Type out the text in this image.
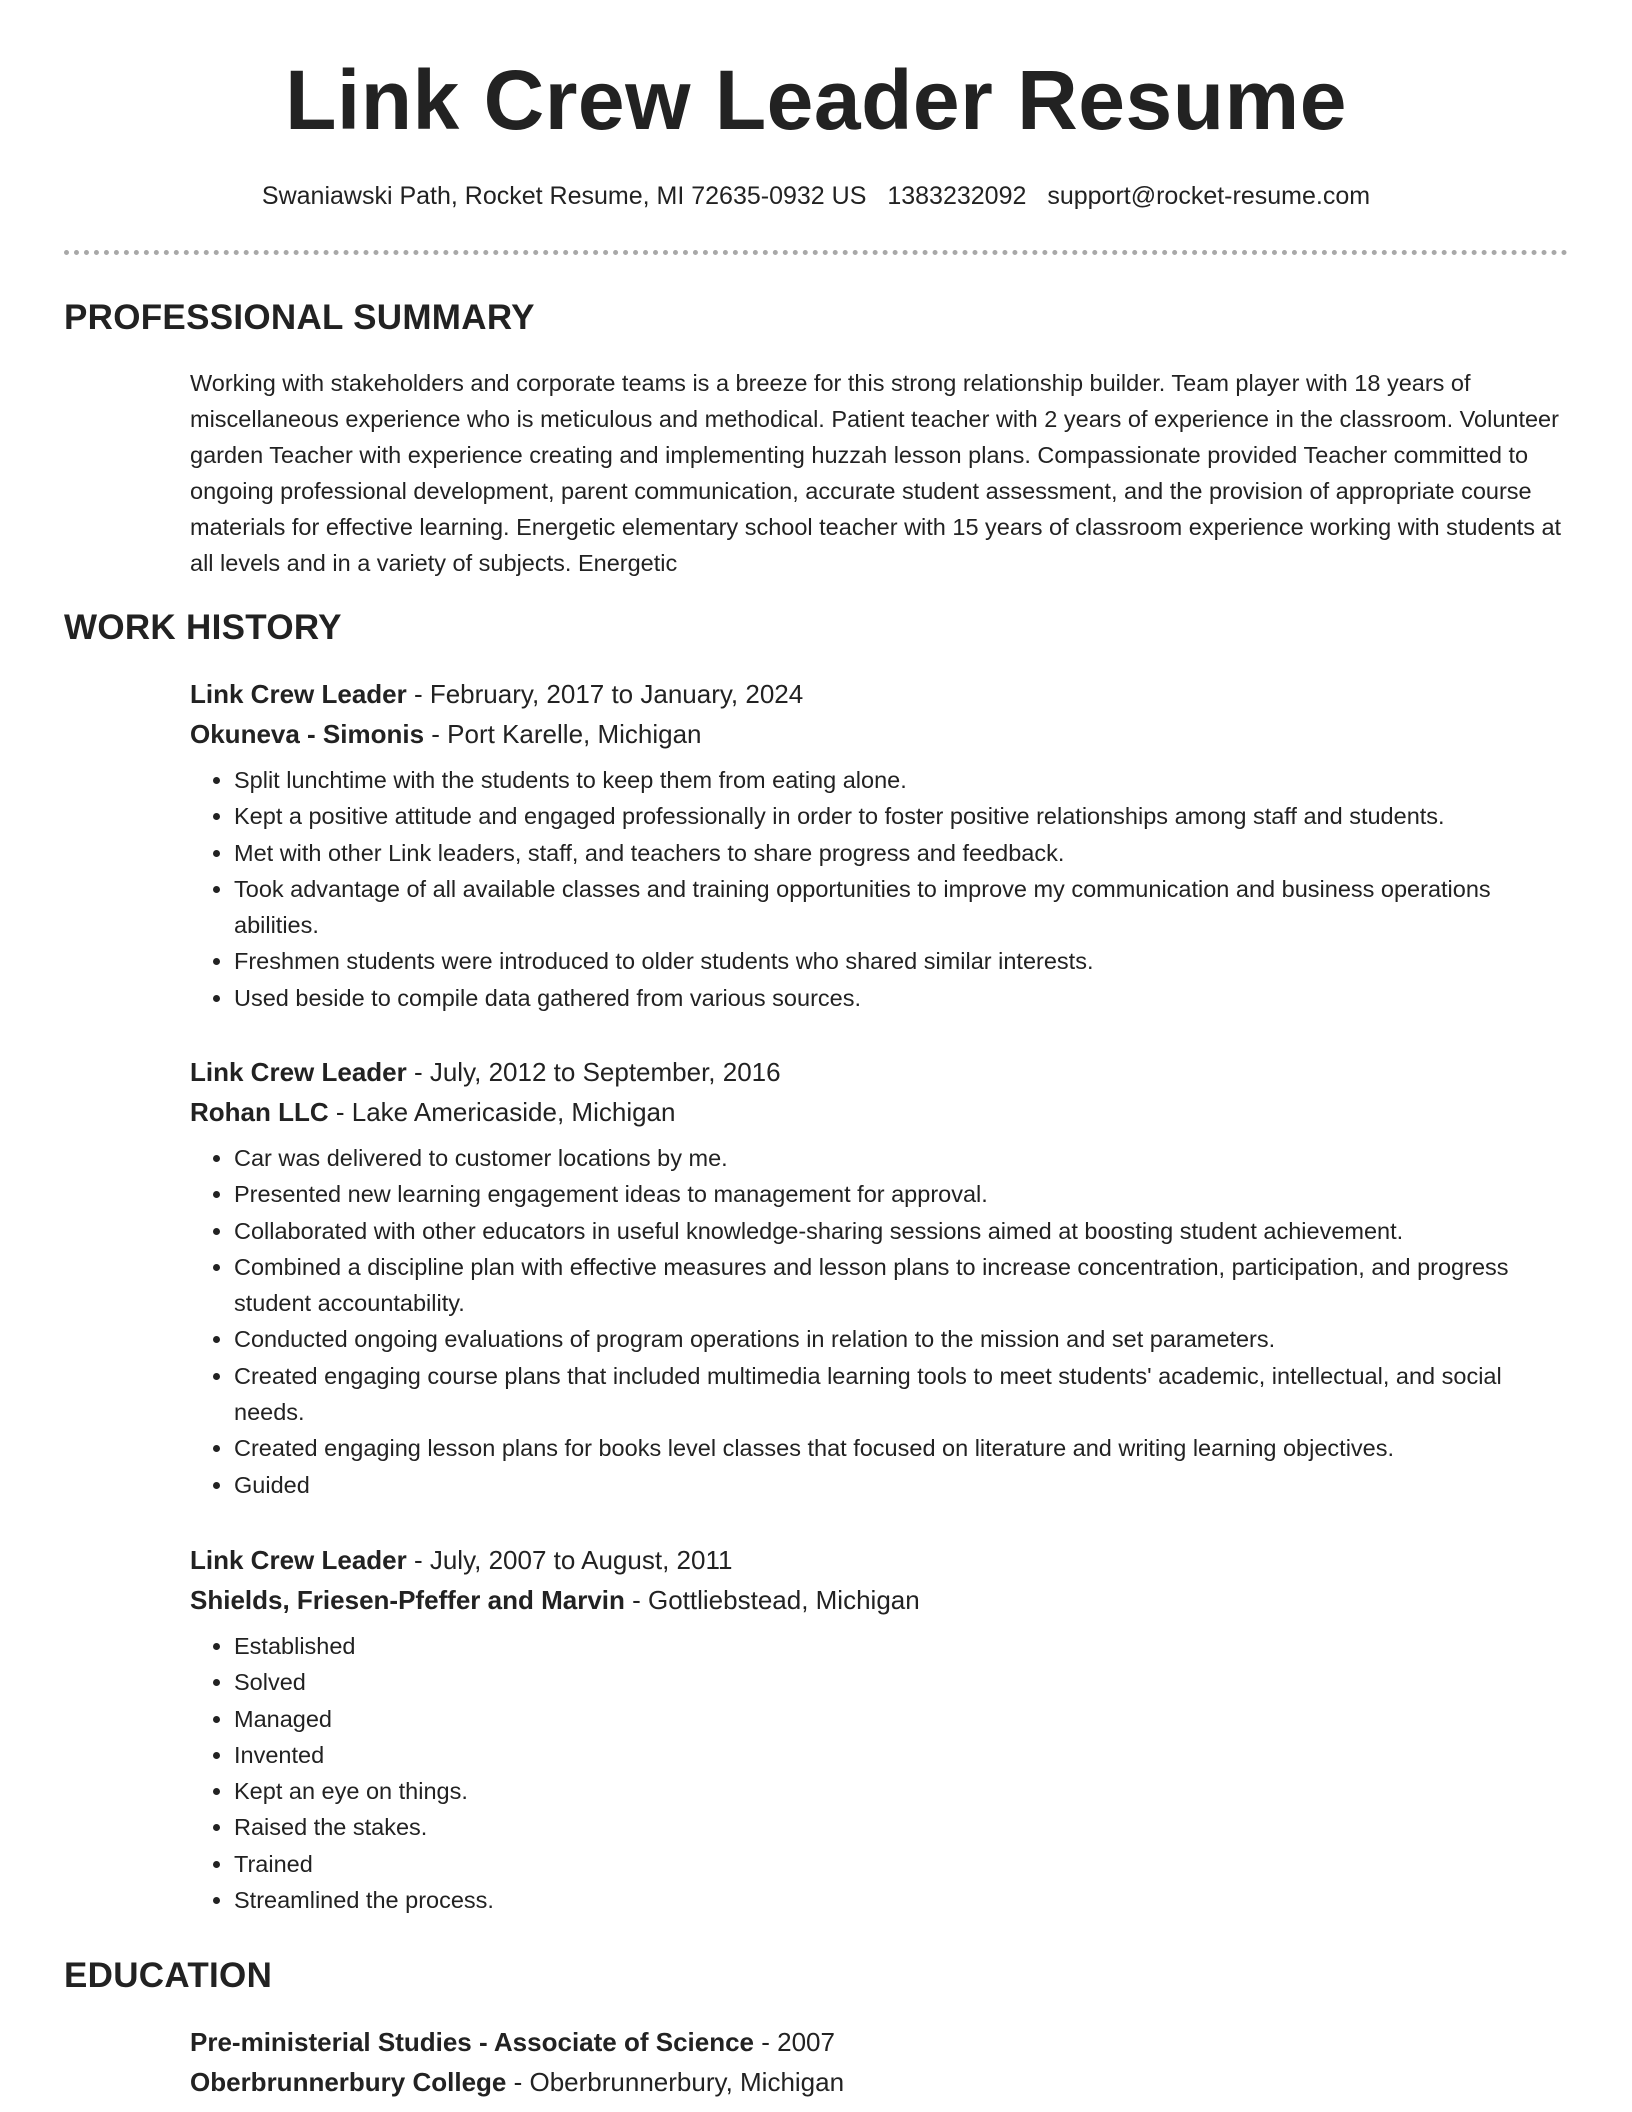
Link Crew Leader Resume
Swaniawski Path, Rocket Resume, MI 72635-0932 US 1383232092 support@rocket-resume.com
PROFESSIONAL SUMMARY
Working with stakeholders and corporate teams is a breeze for this strong relationship builder. Team player with 18 years of miscellaneous experience who is meticulous and methodical. Patient teacher with 2 years of experience in the classroom. Volunteer garden Teacher with experience creating and implementing huzzah lesson plans. Compassionate provided Teacher committed to ongoing professional development, parent communication, accurate student assessment, and the provision of appropriate course materials for effective learning. Energetic elementary school teacher with 15 years of classroom experience working with students at all levels and in a variety of subjects. Energetic
WORK HISTORY
Link Crew Leader - February, 2017 to January, 2024
Okuneva - Simonis - Port Karelle, Michigan
• Split lunchtime with the students to keep them from eating alone.
• Kept a positive attitude and engaged professionally in order to foster positive relationships among staff and students.
• Met with other Link leaders, staff, and teachers to share progress and feedback.
• Took advantage of all available classes and training opportunities to improve my communication and business operations abilities.
• Freshmen students were introduced to older students who shared similar interests.
• Used beside to compile data gathered from various sources.
Link Crew Leader - July, 2012 to September, 2016
Rohan LLC - Lake Americaside, Michigan
• Car was delivered to customer locations by me.
• Presented new learning engagement ideas to management for approval.
• Collaborated with other educators in useful knowledge-sharing sessions aimed at boosting student achievement.
• Combined a discipline plan with effective measures and lesson plans to increase concentration, participation, and progress student accountability.
• Conducted ongoing evaluations of program operations in relation to the mission and set parameters.
• Created engaging course plans that included multimedia learning tools to meet students' academic, intellectual, and social needs.
• Created engaging lesson plans for books level classes that focused on literature and writing learning objectives.
• Guided
Link Crew Leader - July, 2007 to August, 2011
Shields, Friesen-Pfeffer and Marvin - Gottliebstead, Michigan
• Established
• Solved
• Managed
• Invented
• Kept an eye on things.
• Raised the stakes.
• Trained
• Streamlined the process.
EDUCATION
Pre-ministerial Studies - Associate of Science - 2007
Oberbrunnerbury College - Oberbrunnerbury, Michigan
